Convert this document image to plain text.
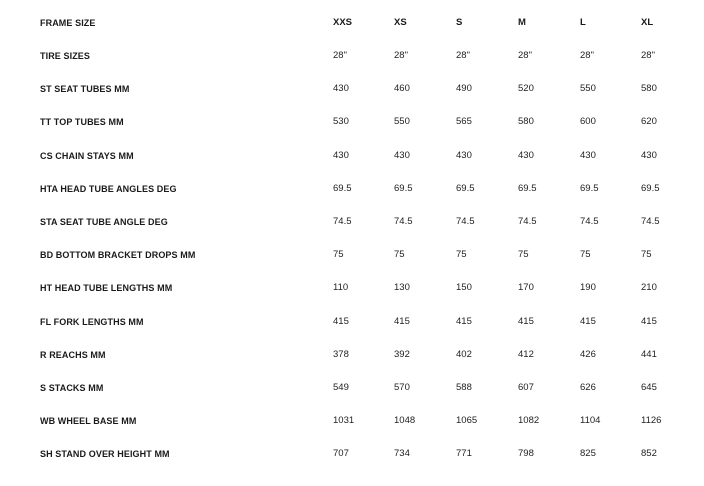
FRAME SIZE	XXS	XS	S	M	L	XL
TIRE SIZES	28"	28"	28"	28"	28"	28"
ST SEAT TUBES MM	430	460	490	520	550	580
TT TOP TUBES MM	530	550	565	580	600	620
CS CHAIN STAYS MM	430	430	430	430	430	430
HTA HEAD TUBE ANGLES DEG	69.5	69.5	69.5	69.5	69.5	69.5
STA SEAT TUBE ANGLE DEG	74.5	74.5	74.5	74.5	74.5	74.5
BD BOTTOM BRACKET DROPS MM	75	75	75	75	75	75
HT HEAD TUBE LENGTHS MM	110	130	150	170	190	210
FL FORK LENGTHS MM	415	415	415	415	415	415
R REACHS MM	378	392	402	412	426	441
S STACKS MM	549	570	588	607	626	645
WB WHEEL BASE MM	1031	1048	1065	1082	1104	1126
SH STAND OVER HEIGHT MM	707	734	771	798	825	852
